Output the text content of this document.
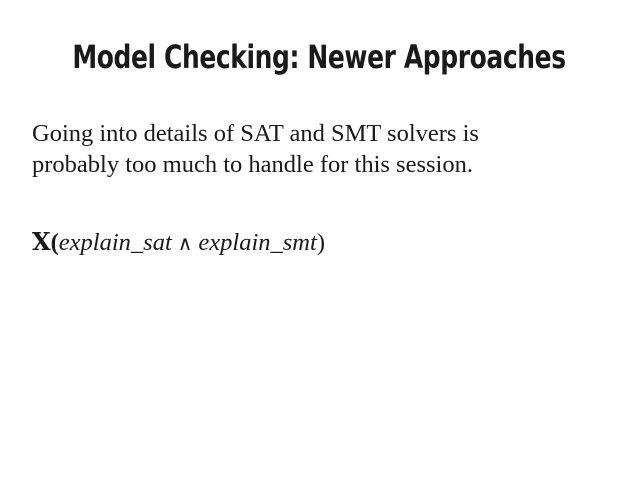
Model Checking: Newer Approaches

Going into details of SAT and SMT solvers is
probably too much to handle for this session.

X(explain_sat ∧ explain_smt)
